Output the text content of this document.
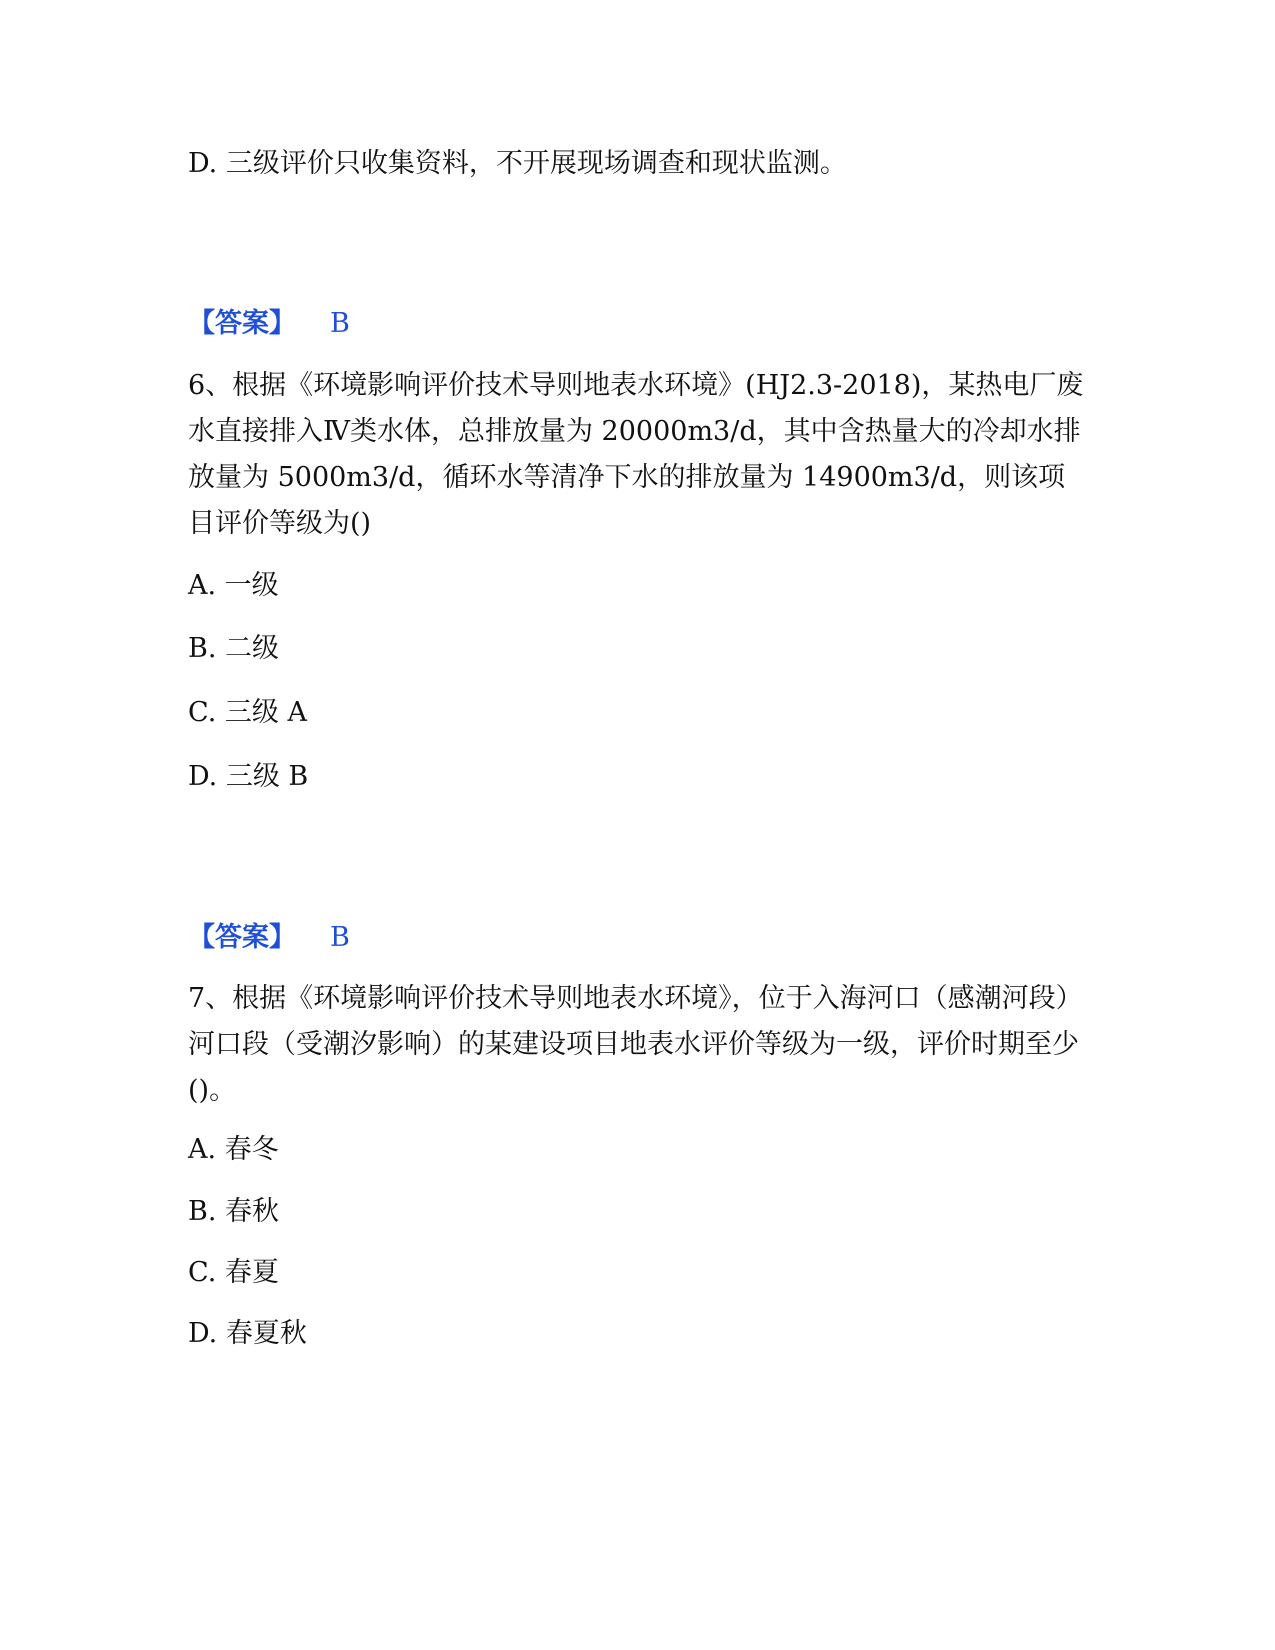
D. 三级评价只收集资料，不开展现场调查和现状监测。
【答案】 B
6、根据《环境影响评价技术导则地表水环境》(HJ2.3-2018)，某热电厂废水直接排入Ⅳ类水体，总排放量为 20000m3/d，其中含热量大的冷却水排放量为 5000m3/d，循环水等清净下水的排放量为 14900m3/d，则该项目评价等级为()
A. 一级
B. 二级
C. 三级 A
D. 三级 B
【答案】 B
7、根据《环境影响评价技术导则地表水环境》，位于入海河口（感潮河段）河口段（受潮汐影响）的某建设项目地表水评价等级为一级，评价时期至少()。
A. 春冬
B. 春秋
C. 春夏
D. 春夏秋
